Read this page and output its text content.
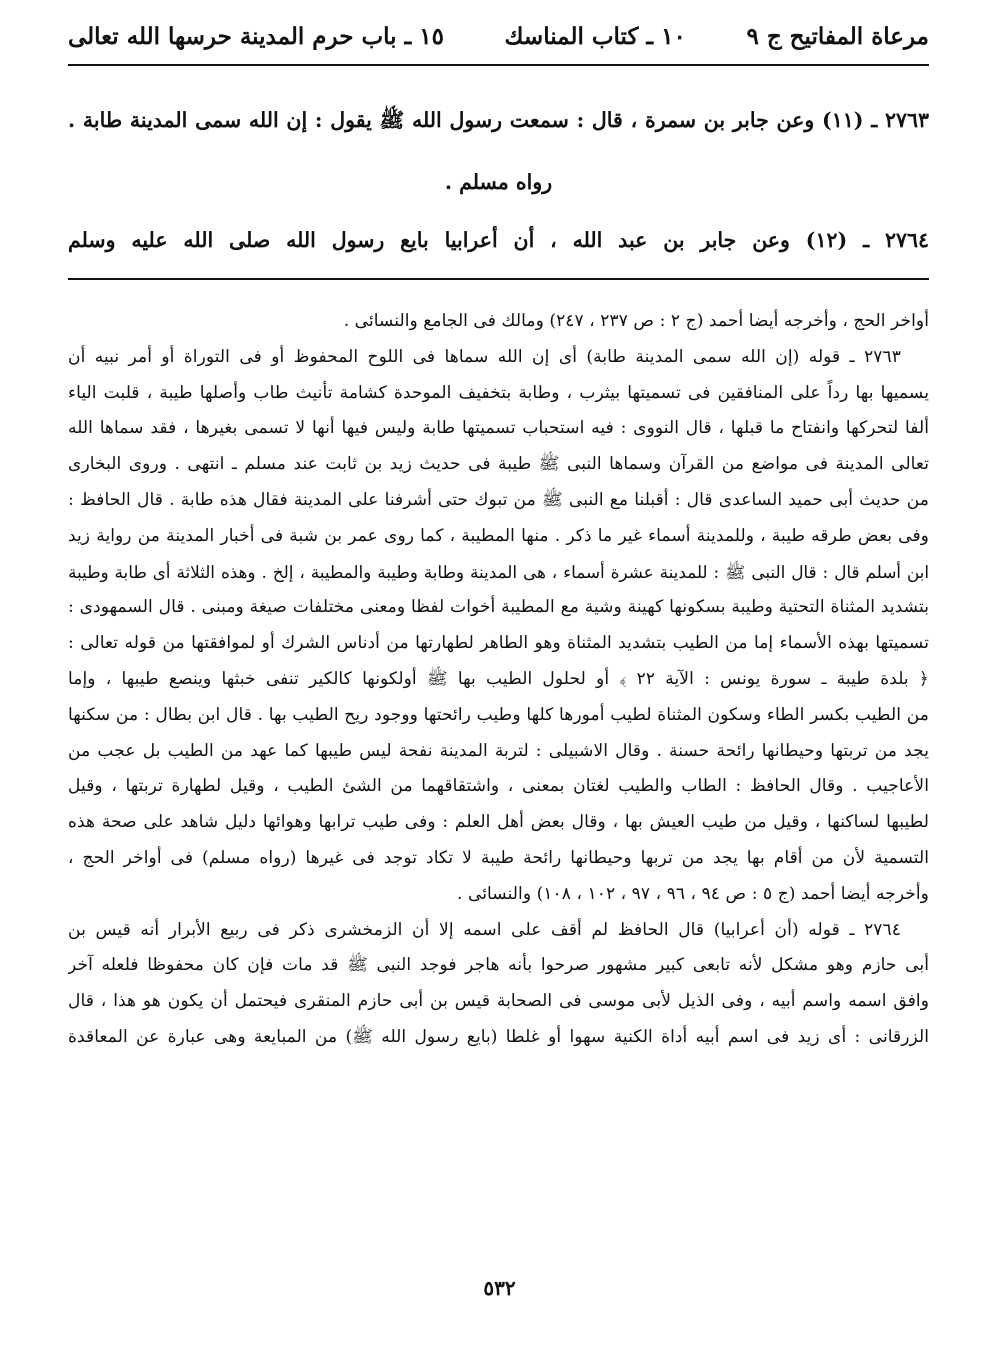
مرعاة المفاتيح ج ٩
١٠ ـ كتاب المناسك
١٥ ـ باب حرم المدينة حرسها الله تعالى
٢٧٦٣ ـ (١١) وعن جابر بن سمرة ، قال : سمعت رسول الله ﷺ يقول : إن الله سمى المدينة طابة .
رواه مسلم .
٢٧٦٤ ـ (١٢) وعن جابر بن عبد الله ، أن أعرابيا بايع رسول الله صلى الله عليه وسلم
أواخر الحج ، وأخرجه أيضا أحمد (ج ٢ : ص ٢٣٧ ، ٢٤٧) ومالك فى الجامع والنسائى .
٢٧٦٣ ـ قوله (إن الله سمى المدينة طابة) أى إن الله سماها فى اللوح المحفوظ أو فى التوراة أو أمر نبيه أن
يسميها بها رداً على المنافقين فى تسميتها بيثرب ، وطابة بتخفيف الموحدة كشامة تأنيث طاب وأصلها طيبة ، قلبت الياء
ألفا لتحركها وانفتاح ما قبلها ، قال النووى : فيه استحباب تسميتها طابة وليس فيها أنها لا تسمى بغيرها ، فقد سماها الله
تعالى المدينة فى مواضع من القرآن وسماها النبى ﷺ طيبة فى حديث زيد بن ثابت عند مسلم ـ انتهى . وروى البخارى
من حديث أبى حميد الساعدى قال : أقبلنا مع النبى ﷺ من تبوك حتى أشرفنا على المدينة فقال هذه طابة . قال الحافظ :
وفى بعض طرقه طيبة ، وللمدينة أسماء غير ما ذكر . منها المطيبة ، كما روى عمر بن شبة فى أخبار المدينة من رواية زيد
ابن أسلم قال : قال النبى ﷺ : للمدينة عشرة أسماء ، هى المدينة وطابة وطيبة والمطيبة ، إلخ . وهذه الثلاثة أى طابة وطيبة
بتشديد المثناة التحتية وطيبة بسكونها كهينة وشية مع المطيبة أخوات لفظا ومعنى مختلفات صيغة ومبنى . قال السمهودى :
تسميتها بهذه الأسماء إما من الطيب بتشديد المثناة وهو الطاهر لطهارتها من أدناس الشرك أو لموافقتها من قوله تعالى :
﴿ بلدة طيبة ـ سورة يونس : الآية ٢٢ ﴾ أو لحلول الطيب بها ﷺ أولكونها كالكير تنفى خبثها وينصع طيبها ، وإما
من الطيب بكسر الطاء وسكون المثناة لطيب أمورها كلها وطيب رائحتها ووجود ريح الطيب بها . قال ابن بطال : من سكنها
يجد من تربتها وحيطانها رائحة حسنة . وقال الاشبيلى : لتربة المدينة نفحة ليس طيبها كما عهد من الطيب بل عجب من
الأعاجيب . وقال الحافظ : الطاب والطيب لغتان بمعنى ، واشتقاقهما من الشئ الطيب ، وقيل لطهارة تربتها ، وقيل
لطيبها لساكنها ، وقيل من طيب العيش بها ، وقال بعض أهل العلم : وفى طيب ترابها وهوائها دليل شاهد على صحة هذه
التسمية لأن من أقام بها يجد من تربها وحيطانها رائحة طيبة لا تكاد توجد فى غيرها (رواه مسلم) فى أواخر الحج ،
وأخرجه أيضا أحمد (ج ٥ : ص ٩٤ ، ٩٦ ، ٩٧ ، ١٠٢ ، ١٠٨) والنسائى .
٢٧٦٤ ـ قوله (أن أعرابيا) قال الحافظ لم أقف على اسمه إلا أن الزمخشرى ذكر فى ربيع الأبرار أنه قيس بن
أبى حازم وهو مشكل لأنه تابعى كبير مشهور صرحوا بأنه هاجر فوجد النبى ﷺ قد مات فإن كان محفوظا فلعله آخر
وافق اسمه واسم أبيه ، وفى الذيل لأبى موسى فى الصحابة قيس بن أبى حازم المنقرى فيحتمل أن يكون هو هذا ، قال
الزرقانى : أى زيد فى اسم أبيه أداة الكنية سهوا أو غلطا (بايع رسول الله ﷺ) من المبايعة وهى عبارة عن المعاقدة
٥٣٢
